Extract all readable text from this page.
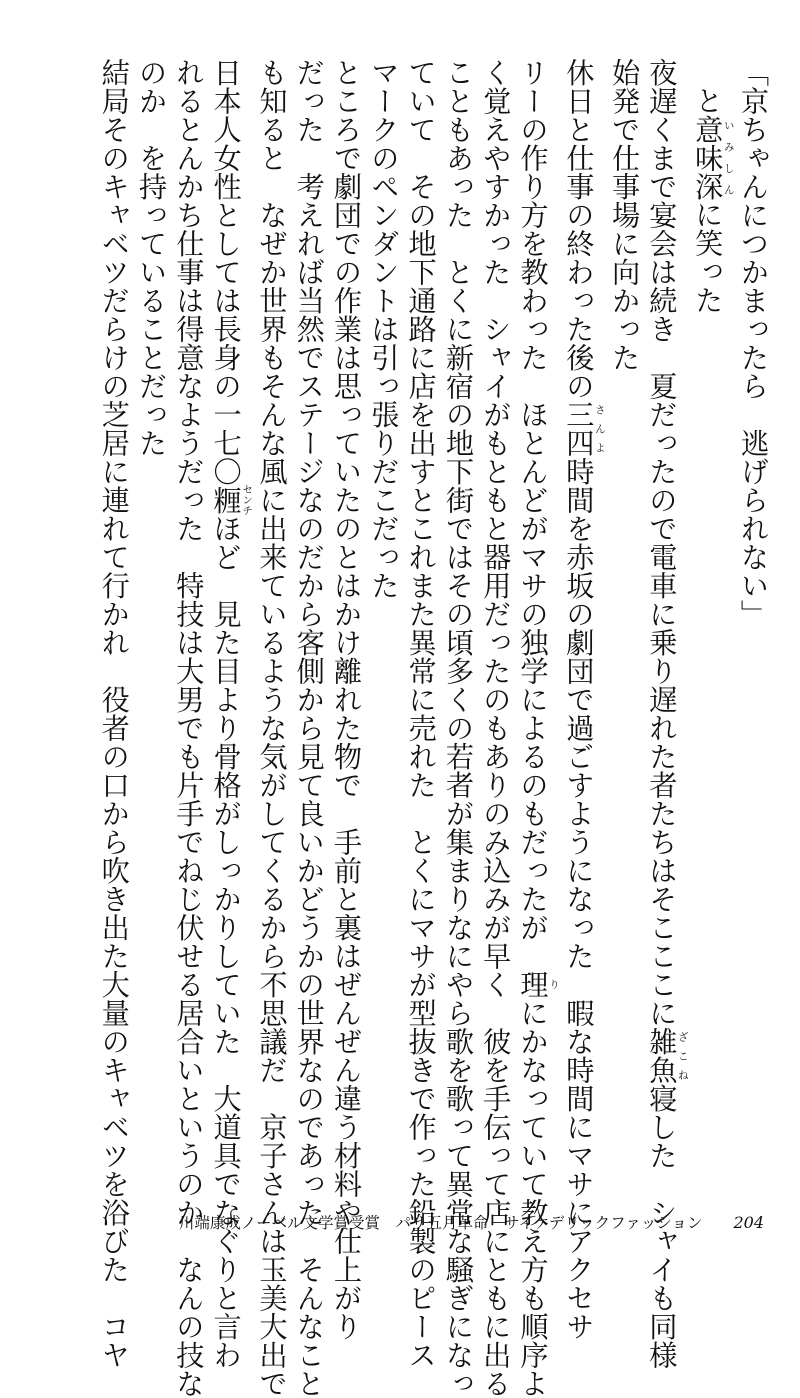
「京ちゃんにつかまったら　逃げられない」
と意味深いみしんに笑った
夜遅くまで宴会は続き　夏だったので電車に乗り遅れた者たちはそこここに雑魚ざこね寝した　シャイも同様
始発で仕事場に向かった
休日と仕事の終わった後の三四さんよ時間を赤坂の劇団で過ごすようになった　暇な時間にマサにアクセサ
リーの作り方を教わった　ほとんどがマサの独学によるのもだったが　理りにかなっていて教え方も順序よ
く覚えやすかった　シャイがもともと器用だったのもありのみ込みが早く　彼を手伝って店にともに出る
こともあった　とくに新宿の地下街ではその頃多くの若者が集まりなにやら歌を歌って異常な騒ぎになっ
ていて　その地下通路に店を出すとこれまた異常に売れた　とくにマサが型抜きで作った鉛製のピース
マークのペンダントは引っ張りだこだった
ところで劇団での作業は思っていたのとはかけ離れた物で　手前と裏はぜんぜん違う材料や仕上がり
だった　考えれば当然でステージなのだから客側から見て良いかどうかの世界なのであった　そんなこと
も知ると　なぜか世界もそんな風に出来ているような気がしてくるから不思議だ　京子さんは玉美大出で
日本人女性としては長身の一七〇糎センチほど　見た目より骨格がしっかりしていた　大道具でなぐりと言わ
れるとんかち仕事は得意なようだった　特技は大男でも片手でねじ伏せる居合いというのか　なんの技な
のか　を持っていることだった
結局そのキャベツだらけの芝居に連れて行かれ　役者の口から吹き出た大量のキャベツを浴びた　コヤ	川端康成ノーベル文学賞受賞　パリ五月革命　サイケデリックファッション 204
